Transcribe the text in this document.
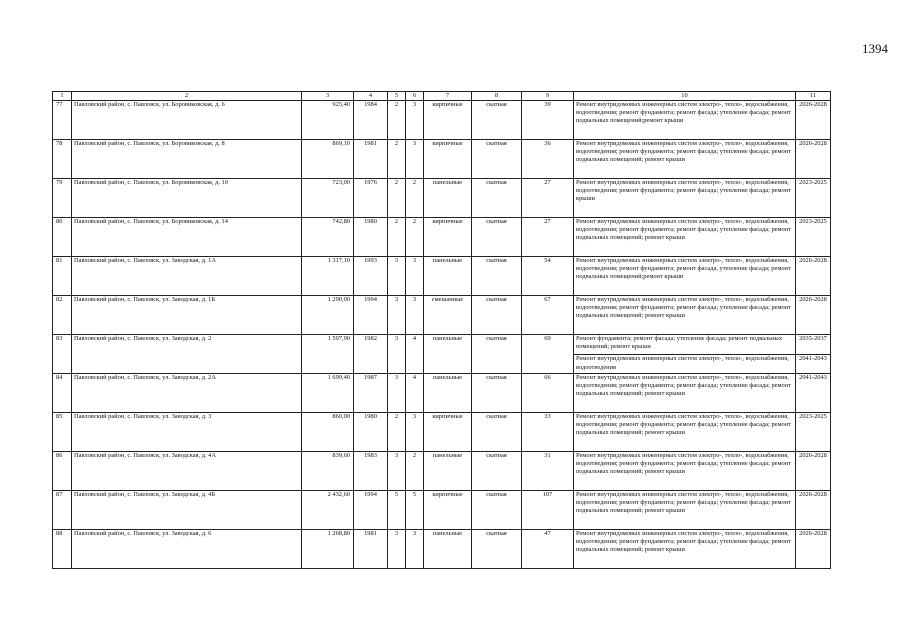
1394
1	2	3	4	5	6	7	8	9	10	11
77	Павловский район, с. Павловск, ул. Боровиковская, д. 6	925,40	1984	2	3	кирпичные	скатная	39	Ремонт внутридомовых инженерных систем электро-, тепло-, водоснабжения, водоотведения; ремонт фундамента; ремонт фасада; утепление фасада; ремонт подвальных помещений;ремонт крыши	2026-2028
78	Павловский район, с. Павловск, ул. Боровиковская, д. 8	869,10	1981	2	3	кирпичные	скатная	36	Ремонт внутридомовых инженерных систем электро-, тепло-, водоснабжения, водоотведения; ремонт фундамента; ремонт фасада; утепление фасада; ремонт подвальных помещений; ремонт крыши	2026-2028
79	Павловский район, с. Павловск, ул. Боровиковская, д. 10	723,00	1976	2	2	панельные	скатная	27	Ремонт внутридомовых инженерных систем электро-, тепло-, водоснабжения, водоотведения; ремонт фундамента; ремонт фасада; утепление фасада; ремонт крыши	2023-2025
80	Павловский район, с. Павловск, ул. Боровиковская, д. 14	742,80	1980	2	2	кирпичные	скатная	27	Ремонт внутридомовых инженерных систем электро-, тепло-, водоснабжения, водоотведения; ремонт фундамента; ремонт фасада; утепление фасада; ремонт подвальных помещений; ремонт крыши	2023-2025
81	Павловский район, с. Павловск, ул. Заводская, д. 1А	1 317,10	1993	3	3	панельные	скатная	54	Ремонт внутридомовых инженерных систем электро-, тепло-, водоснабжения, водоотведения; ремонт фундамента; ремонт фасада, утепление фасада; ремонт подвальных помещений;ремонт крыши	2026-2028
82	Павловский район, с. Павловск, ул. Заводская, д. 1Б	1 290,00	1994	3	3	смешанные	скатная	67	Ремонт внутридомовых инженерных систем электро-, тепло-, водоснабжения, водоотведения; ремонт фундамента; ремонт фасада; утепление фасада; ремонт подвальных помещений; ремонт крыши	2026-2028
83	Павловский район, с. Павловск, ул. Заводская, д. 2	1 597,90	1982	3	4	панельные	скатная	69	Ремонт фундамента; ремонт фасада; утепление фасада; ремонт подвальных помещений; ремонт крыши	2035-2037
									Ремонт внутридомовых инженерных систем электро-, тепло-, водоснабжения, водоотведения	2041-2043
84	Павловский район, с. Павловск, ул. Заводская, д. 2А	1 699,40	1987	3	4	панельные	скатная	66	Ремонт внутридомовых инженерных систем электро-, тепло-, водоснабжения, водоотведения; ремонт фундамента; ремонт фасада; утепление фасада; ремонт подвальных помещений; ремонт крыши	2041-2043
85	Павловский район, с. Павловск, ул. Заводская, д. 3	860,00	1980	2	3	кирпичные	скатная	33	Ремонт внутридомовых инженерных систем электро-, тепло-, водоснабжения, водоотведения; ремонт фундамента; ремонт фасада; утепление фасада; ремонт подвальных помещений; ремонт крыши	2023-2025
86	Павловский район, с. Павловск, ул. Заводская, д. 4А	839,60	1983	3	2	панельные	скатная	31	Ремонт внутридомовых инженерных систем электро-, тепло-, водоснабжения, водоотведения; ремонт фундамента; ремонт фасада; утепление фасада; ремонт подвальных помещений; ремонт крыши	2026-2028
87	Павловский район, с. Павловск, ул. Заводская, д. 4Б	2 432,60	1994	5	5	кирпичные	скатная	107	Ремонт внутридомовых инженерных систем электро-, тепло-, водоснабжения, водоотведения; ремонт фундамента; ремонт фасада; утепление фасада; ремонт подвальных помещений; ремонт крыши	2026-2028
88	Павловский район, с. Павловск, ул. Заводская, д. 6	1 268,80	1981	3	3	панельные	скатная	47	Ремонт внутридомовых инженерных систем электро-, тепло-, водоснабжения, водоотведения; ремонт фундамента; ремонт фасада; утепление фасада; ремонт подвальных помещений; ремонт крыши	2026-2028
